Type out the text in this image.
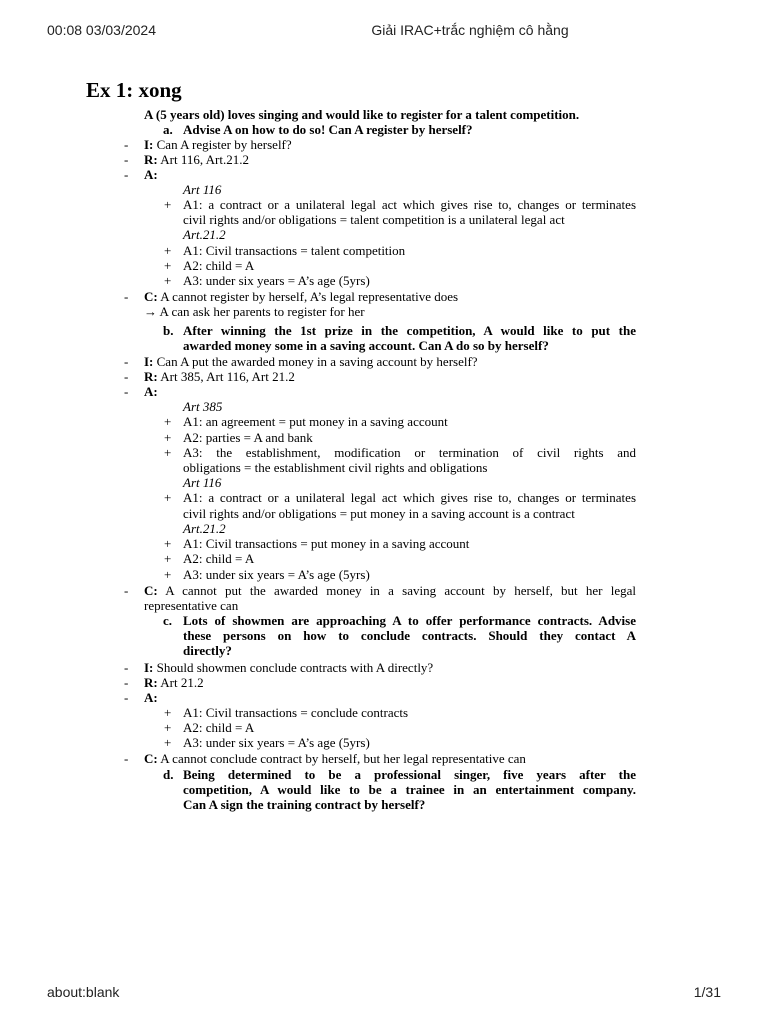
00:08 03/03/2024	Giải IRAC+trắc nghiệm cô hằng
Ex 1: xong
A (5 years old) loves singing and would like to register for a talent competition.
a. Advise A on how to do so! Can A register by herself?
- I: Can A register by herself?
- R: Art 116, Art.21.2
- A:
Art 116
+ A1: a contract or a unilateral legal act which gives rise to, changes or terminates
civil rights and/or obligations = talent competition is a unilateral legal act
Art.21.2
+ A1: Civil transactions = talent competition
+ A2: child = A
+ A3: under six years = A’s age (5yrs)
- C: A cannot register by herself, A’s legal representative does
→ A can ask her parents to register for her
b. After winning the 1st prize in the competition, A would like to put the
awarded money some in a saving account. Can A do so by herself?
- I: Can A put the awarded money in a saving account by herself?
- R: Art 385, Art 116, Art 21.2
- A:
Art 385
+ A1: an agreement = put money in a saving account
+ A2: parties = A and bank
+ A3: the establishment, modification or termination of civil rights and
obligations = the establishment civil rights and obligations
Art 116
+ A1: a contract or a unilateral legal act which gives rise to, changes or terminates
civil rights and/or obligations = put money in a saving account is a contract
Art.21.2
+ A1: Civil transactions = put money in a saving account
+ A2: child = A
+ A3: under six years = A’s age (5yrs)
- C: A cannot put the awarded money in a saving account by herself, but her legal
representative can
c. Lots of showmen are approaching A to offer performance contracts. Advise
these persons on how to conclude contracts. Should they contact A
directly?
- I: Should showmen conclude contracts with A directly?
- R: Art 21.2
- A:
+ A1: Civil transactions = conclude contracts
+ A2: child = A
+ A3: under six years = A’s age (5yrs)
- C: A cannot conclude contract by herself, but her legal representative can
d. Being determined to be a professional singer, five years after the
competition, A would like to be a trainee in an entertainment company.
Can A sign the training contract by herself?
about:blank	1/31
